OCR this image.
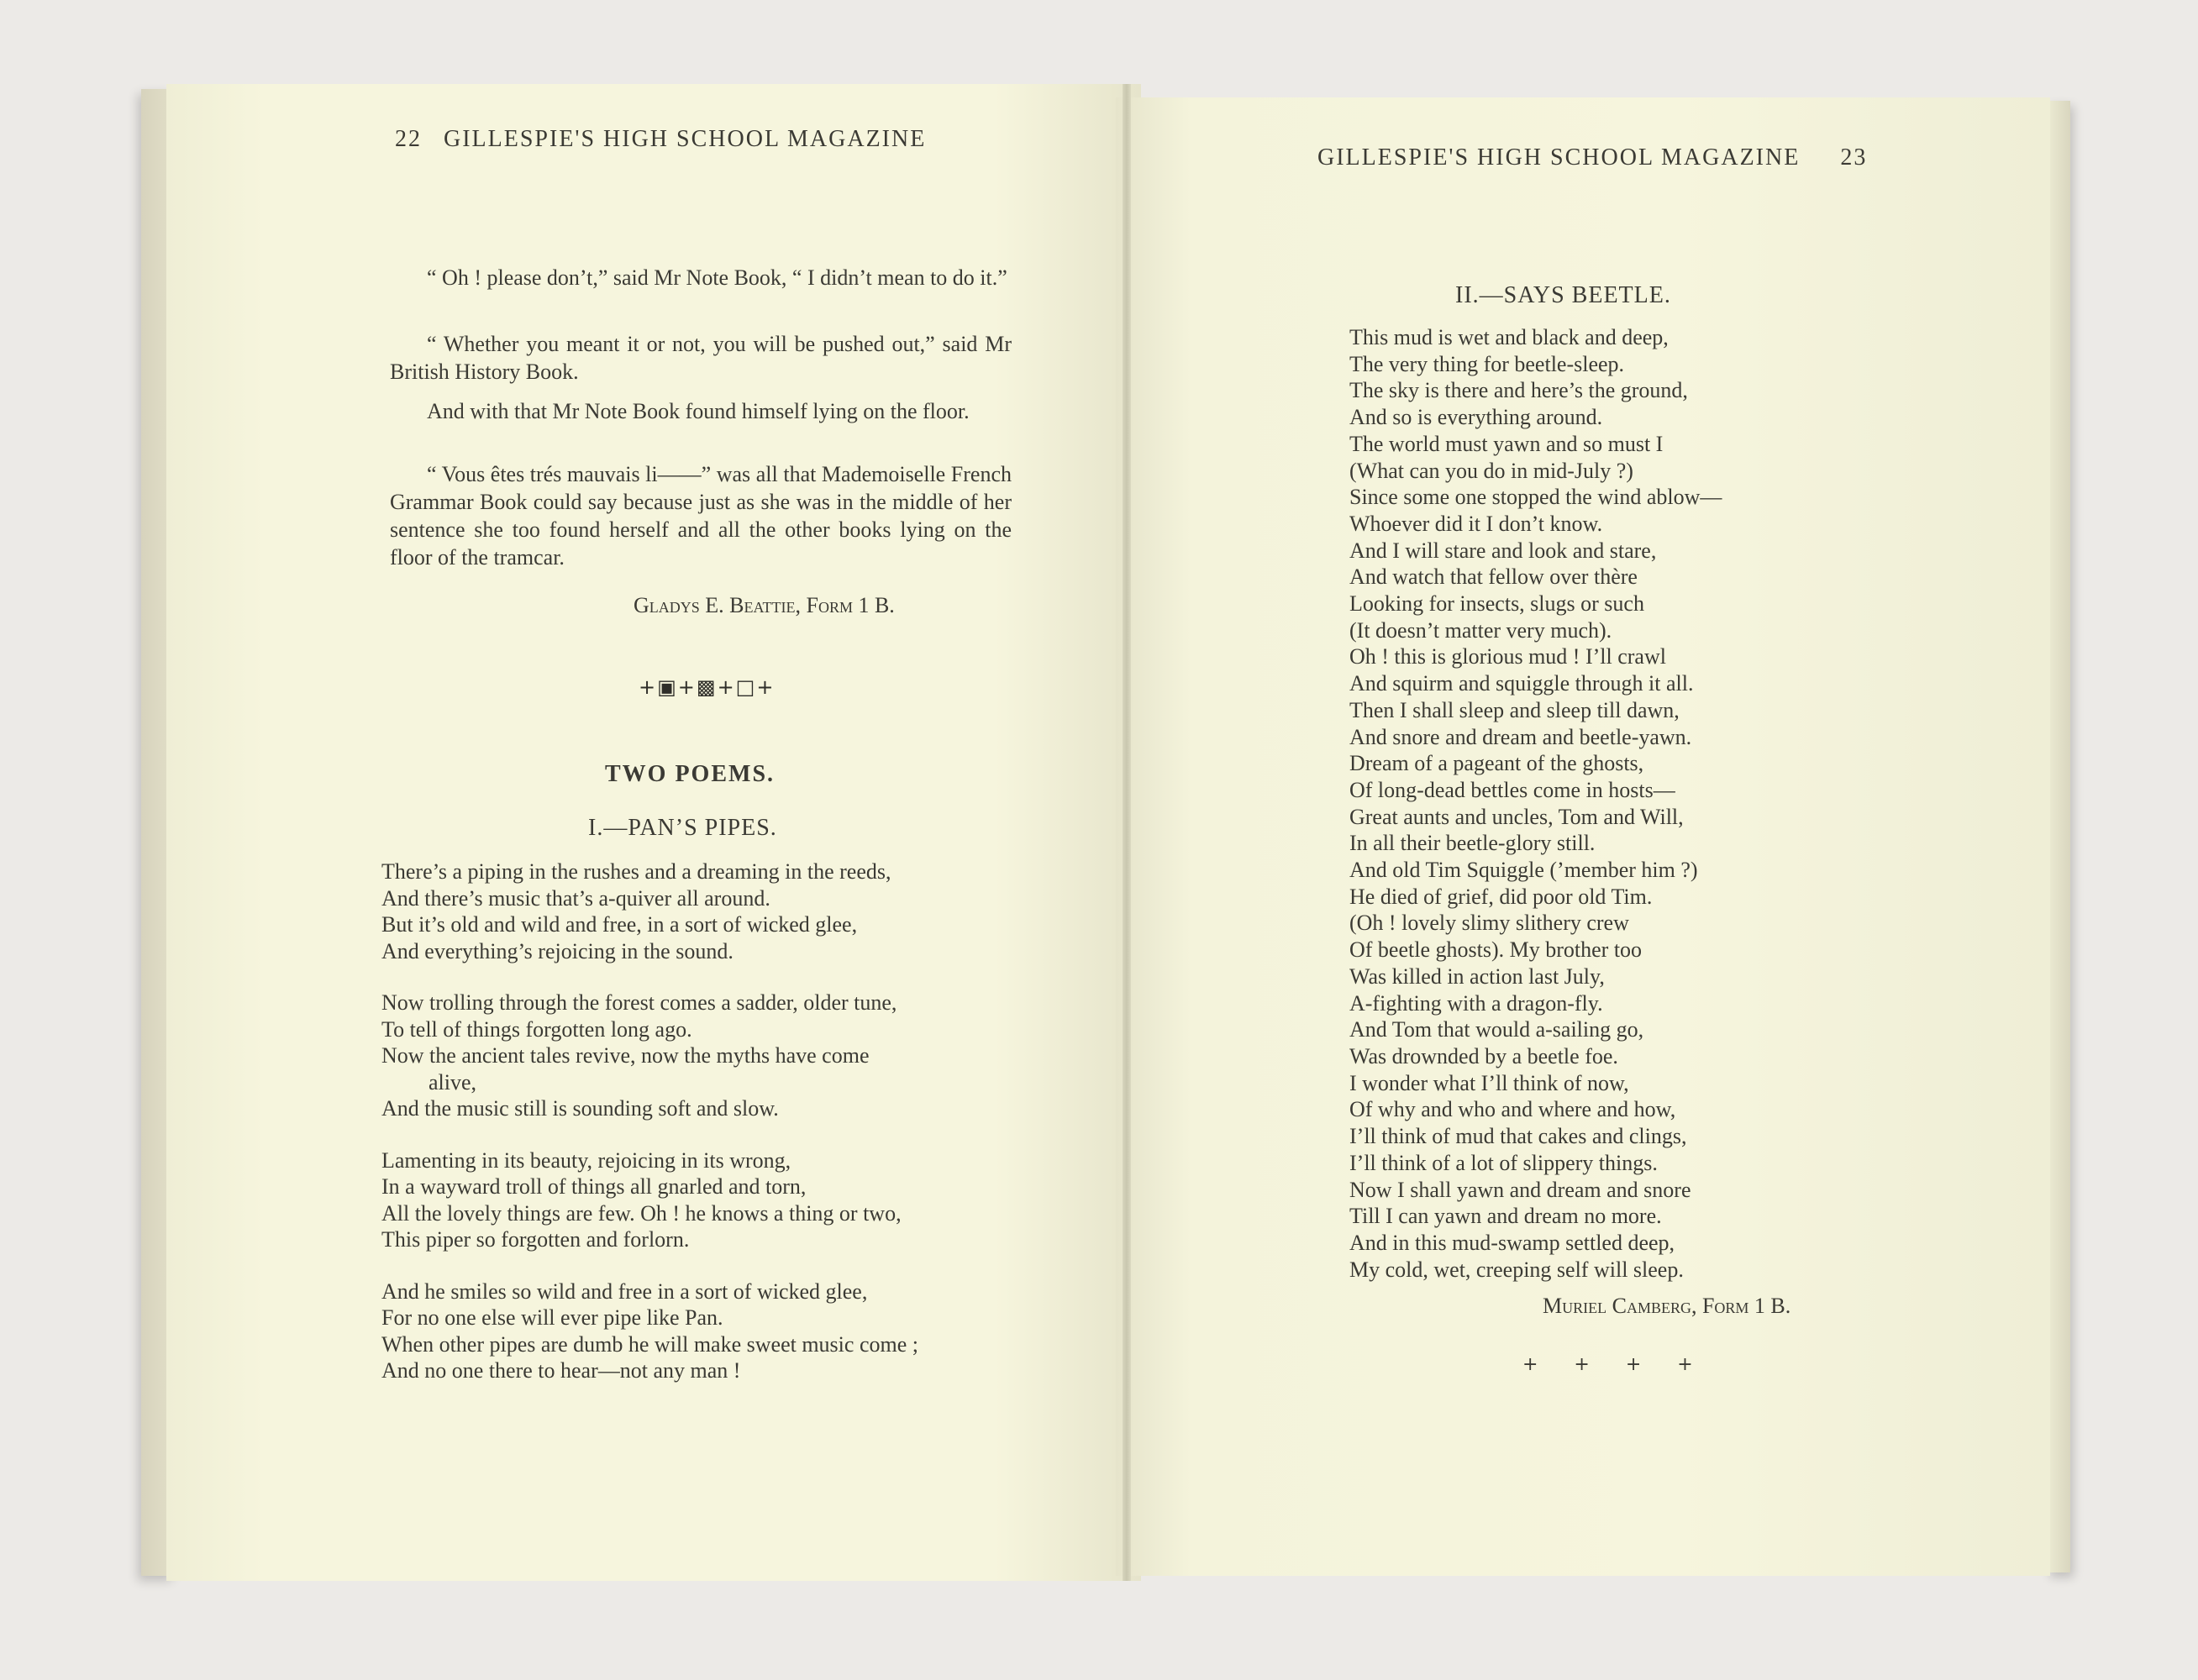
22 GILLESPIE'S HIGH SCHOOL MAGAZINE

“ Oh ! please don’t,” said Mr Note Book, “ I didn’t mean to do it.”

“ Whether you meant it or not, you will be pushed out,” said Mr British History Book.

And with that Mr Note Book found himself lying on the floor.

“ Vous êtes trés mauvais li——” was all that Mademoiselle French Grammar Book could say because just as she was in the middle of her sentence she too found herself and all the other books lying on the floor of the tramcar.

Gladys E. Beattie, Form 1 B.
+▣+▩+□+
TWO POEMS.
I.—PAN’S PIPES.
There’s a piping in the rushes and a dreaming in the reeds,
And there’s music that’s a-quiver all around.
But it’s old and wild and free, in a sort of wicked glee,
And everything’s rejoicing in the sound.
Now trolling through the forest comes a sadder, older tune,
To tell of things forgotten long ago.
Now the ancient tales revive, now the myths have come
alive,
And the music still is sounding soft and slow.
Lamenting in its beauty, rejoicing in its wrong,
In a wayward troll of things all gnarled and torn,
All the lovely things are few. Oh ! he knows a thing or two,
This piper so forgotten and forlorn.
And he smiles so wild and free in a sort of wicked glee,
For no one else will ever pipe like Pan.
When other pipes are dumb he will make sweet music come ;
And no one there to hear—not any man !
GILLESPIE'S HIGH SCHOOL MAGAZINE 23
II.—SAYS BEETLE.
This mud is wet and black and deep,
The very thing for beetle-sleep.
The sky is there and here’s the ground,
And so is everything around.
The world must yawn and so must I
(What can you do in mid-July ?)
Since some one stopped the wind ablow—
Whoever did it I don’t know.
And I will stare and look and stare,
And watch that fellow over thère
Looking for insects, slugs or such
(It doesn’t matter very much).
Oh ! this is glorious mud ! I’ll crawl
And squirm and squiggle through it all.
Then I shall sleep and sleep till dawn,
And snore and dream and beetle-yawn.
Dream of a pageant of the ghosts,
Of long-dead bettles come in hosts—
Great aunts and uncles, Tom and Will,
In all their beetle-glory still.
And old Tim Squiggle (’member him ?)
He died of grief, did poor old Tim.
(Oh ! lovely slimy slithery crew
Of beetle ghosts). My brother too
Was killed in action last July,
A-fighting with a dragon-fly.
And Tom that would a-sailing go,
Was drownded by a beetle foe.
I wonder what I’ll think of now,
Of why and who and where and how,
I’ll think of mud that cakes and clings,
I’ll think of a lot of slippery things.
Now I shall yawn and dream and snore
Till I can yawn and dream no more.
And in this mud-swamp settled deep,
My cold, wet, creeping self will sleep.
Muriel Camberg, Form 1 B.
+ + + +
